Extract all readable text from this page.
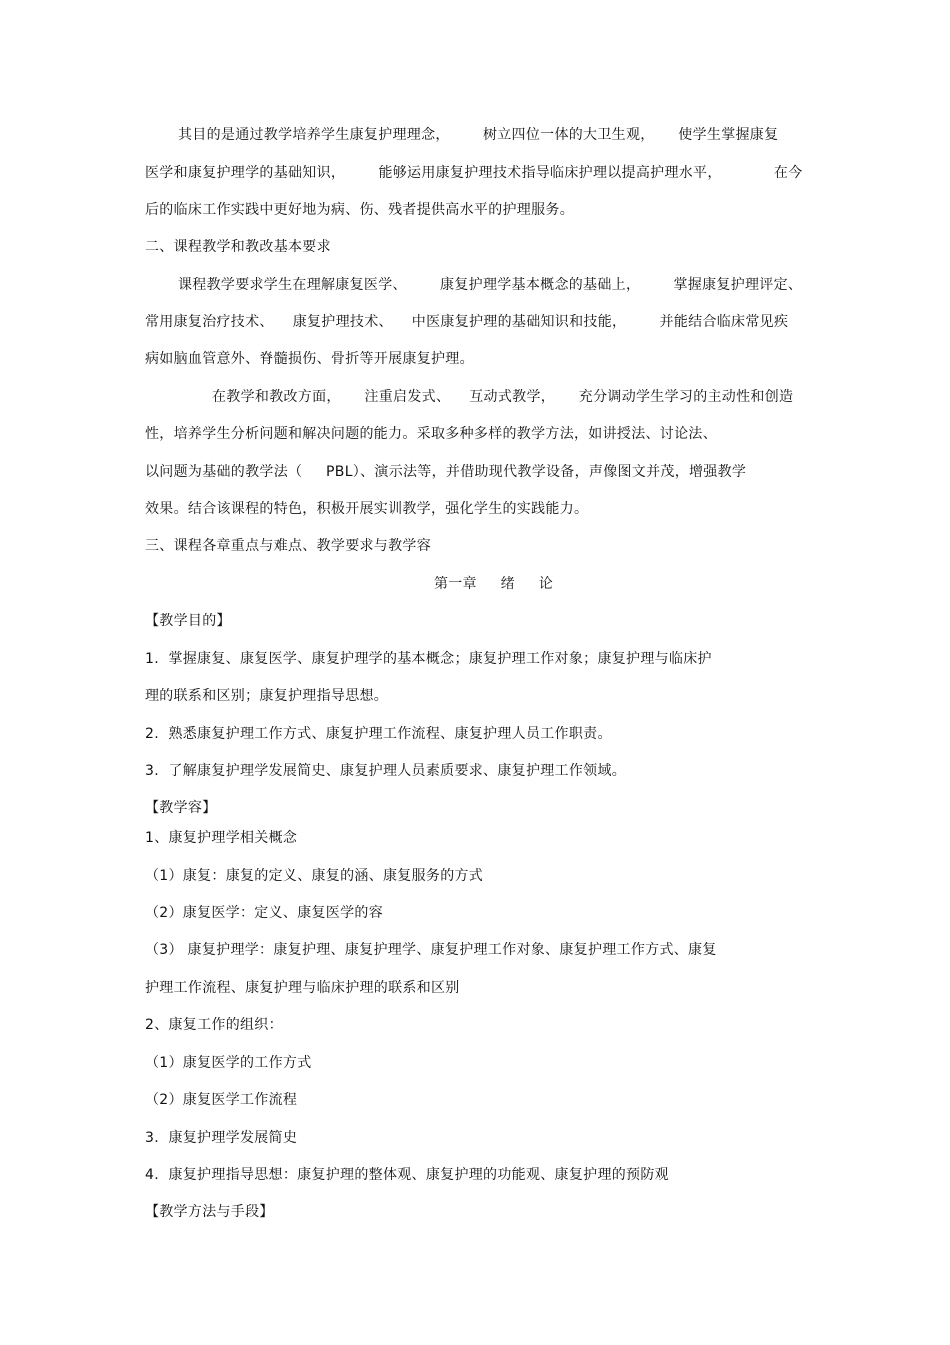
其目的是通过教学培养学生康复护理理念，       树立四位一体的大卫生观，     使学生掌握康复
医学和康复护理学的基础知识，       能够运用康复护理技术指导临床护理以提高护理水平，           在今
后的临床工作实践中更好地为病、伤、残者提供高水平的护理服务。
二、课程教学和教改基本要求
课程教学要求学生在理解康复医学、       康复护理学基本概念的基础上，       掌握康复护理评定、
常用康复治疗技术、    康复护理技术、    中医康复护理的基础知识和技能，       并能结合临床常见疾
病如脑血管意外、脊髓损伤、骨折等开展康复护理。
在教学和教改方面，     注重启发式、    互动式教学，     充分调动学生学习的主动性和创造
性，培养学生分析问题和解决问题的能力。采取多种多样的教学方法，如讲授法、讨论法、
以问题为基础的教学法（     PBL）、演示法等，并借助现代教学设备，声像图文并茂，增强教学
效果。结合该课程的特色，积极开展实训教学，强化学生的实践能力。
三、课程各章重点与难点、教学要求与教学容
第一章     绪     论
【教学目的】
1.  掌握康复、康复医学、康复护理学的基本概念；康复护理工作对象；康复护理与临床护
理的联系和区别；康复护理指导思想。
2.  熟悉康复护理工作方式、康复护理工作流程、康复护理人员工作职责。
3.  了解康复护理学发展简史、康复护理人员素质要求、康复护理工作领域。
【教学容】
1、康复护理学相关概念
（1）康复：康复的定义、康复的涵、康复服务的方式
（2）康复医学：定义、康复医学的容
（3） 康复护理学：康复护理、康复护理学、康复护理工作对象、康复护理工作方式、康复
护理工作流程、康复护理与临床护理的联系和区别
2、康复工作的组织：
（1）康复医学的工作方式
（2）康复医学工作流程
3.  康复护理学发展简史
4.  康复护理指导思想：康复护理的整体观、康复护理的功能观、康复护理的预防观
【教学方法与手段】
